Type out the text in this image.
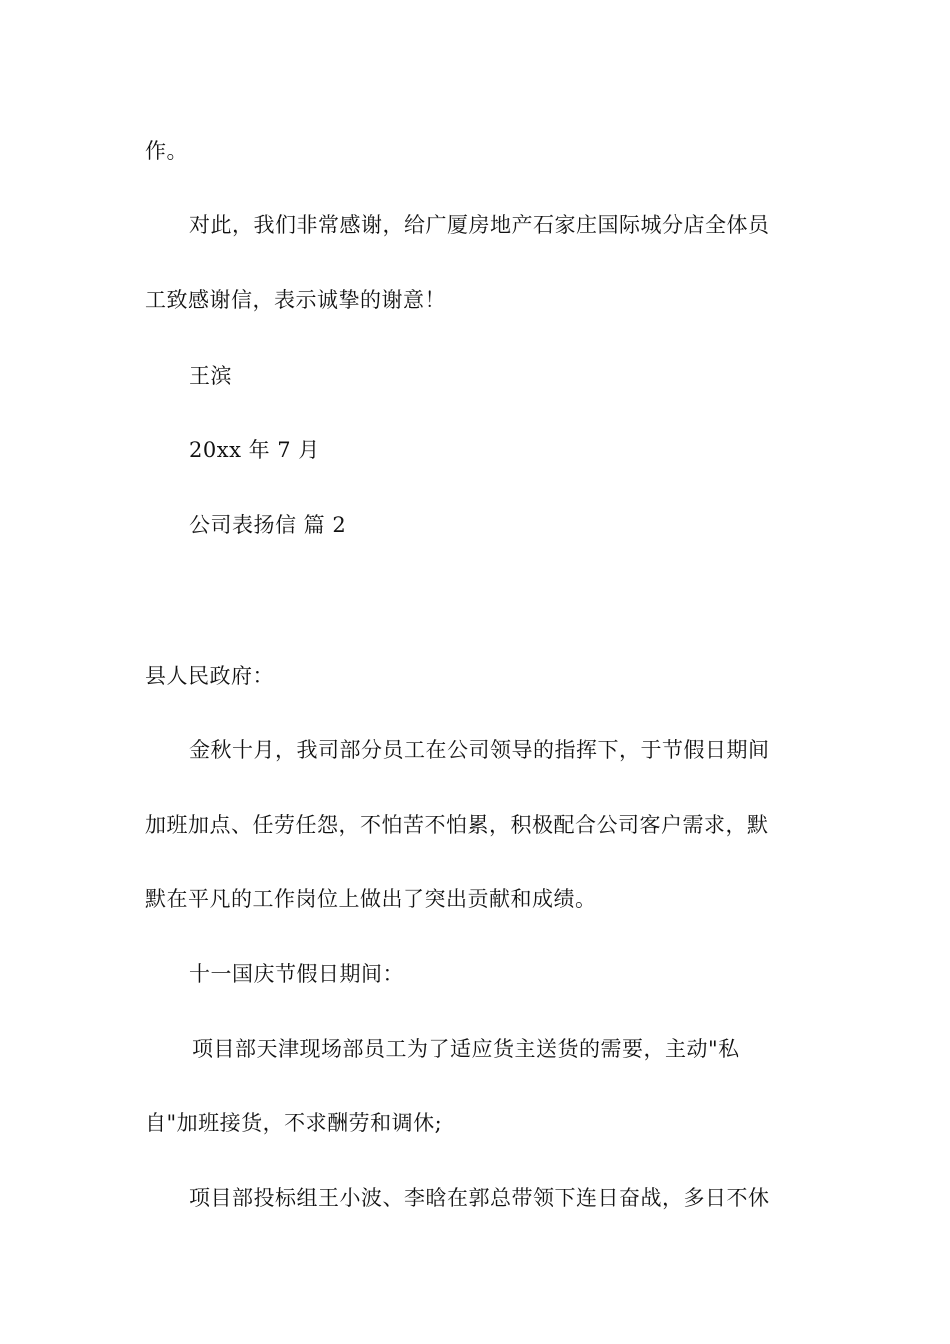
作。
对此，我们非常感谢，给广厦房地产石家庄国际城分店全体员
工致感谢信，表示诚挚的谢意！
王滨
20xx 年 7 月
公司表扬信 篇 2
县人民政府：
金秋十月，我司部分员工在公司领导的指挥下，于节假日期间
加班加点、任劳任怨，不怕苦不怕累，积极配合公司客户需求，默
默在平凡的工作岗位上做出了突出贡献和成绩。
十一国庆节假日期间：
项目部天津现场部员工为了适应货主送货的需要，主动"私
自"加班接货，不求酬劳和调休;
项目部投标组王小波、李晗在郭总带领下连日奋战，多日不休
